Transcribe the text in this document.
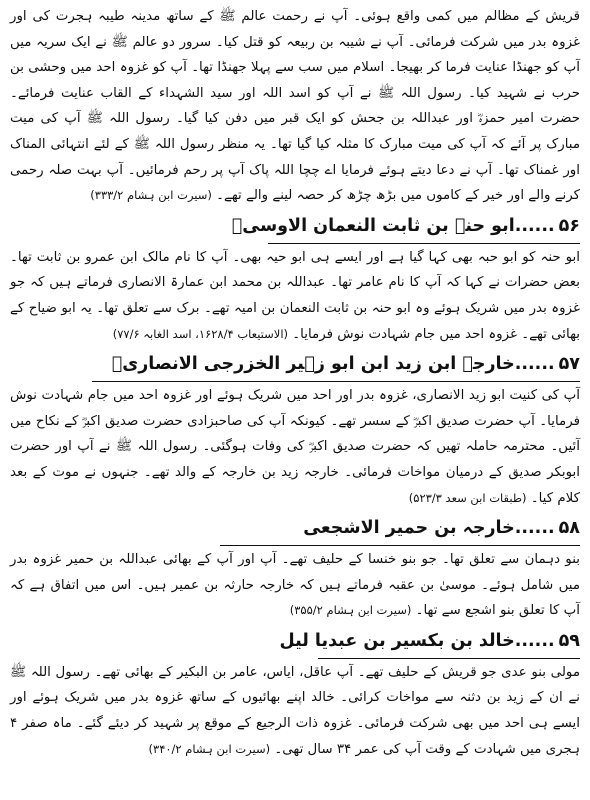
قریش کے مظالم میں کمی واقع ہوئی۔ آپ نے رحمت عالم ﷺ کے ساتھ مدینہ طیبہ ہجرت کی اور غزوہ بدر میں شرکت فرمائی۔ آپ نے شیبہ بن ربیعہ کو قتل کیا۔ سرور دو عالم ﷺ نے ایک سریہ میں آپ کو جھنڈا عنایت فرما کر بھیجا۔ اسلام میں سب سے پہلا جھنڈا تھا۔ آپ کو غزوہ احد میں وحشی بن حرب نے شہید کیا۔ رسول اللہ ﷺ نے آپ کو اسد اللہ اور سید الشہداء کے القاب عنایت فرمائے۔ حضرت امیر حمزہؓ اور عبداللہ بن جحش کو ایک قبر میں دفن کیا گیا۔ رسول اللہ ﷺ آپ کی میت مبارک پر آئے کہ آپ کی میت مبارک کا مثلہ کیا گیا تھا۔ یہ منظر رسول اللہ ﷺ کے لئے انتہائی المناک اور غمناک تھا۔ آپ نے دعا دیتے ہوئے فرمایا اے چچا اللہ پاک آپ پر رحم فرمائیں۔ آپ بہت صلہ رحمی کرنے والے اور خیر کے کاموں میں بڑھ چڑھ کر حصہ لینے والے تھے۔ (سیرت ابن ہشام ۳۳۳/۲)

۵۶......ابو حنۃ بن ثابت النعمان الاوسیؓ

ابو حنہ کو ابو حبہ بھی کہا گیا ہے اور ایسے ہی ابو حیہ بھی۔ آپ کا نام مالک ابن عمرو بن ثابت تھا۔ بعض حضرات نے کہا کہ آپ کا نام عامر تھا۔ عبداللہ بن محمد ابن عمارۃ الانصاری فرماتے ہیں کہ جو غزوہ بدر میں شریک ہوئے وہ ابو حنہ بن ثابت النعمان بن امیہ تھے۔ برک سے تعلق تھا۔ یہ ابو ضیاح کے بھائی تھے۔ غزوہ احد میں جام شہادت نوش فرمایا۔ (الاستیعاب ۱۶۲۸/۴، اسد الغابہ ۷۷/۶)

۵۷......خارجہ ابن زید ابن ابو زہیر الخزرجی الانصاریؓ

آپ کی کنیت ابو زید الانصاری، غزوہ بدر اور احد میں شریک ہوئے اور غزوہ احد میں جام شہادت نوش فرمایا۔ آپ حضرت صدیق اکبرؓ کے سسر تھے۔ کیونکہ آپ کی صاحبزادی حضرت صدیق اکبرؓ کے نکاح میں آئیں۔ محترمہ حاملہ تھیں کہ حضرت صدیق اکبرؓ کی وفات ہوگئی۔ رسول اللہ ﷺ نے آپ اور حضرت ابوبکر صدیق کے درمیان مواخات فرمائی۔ خارجہ زید بن خارجہ کے والد تھے۔ جنہوں نے موت کے بعد کلام کیا۔ (طبقات ابن سعد ۵۲۳/۳)

۵۸......خارجہ بن حمیر الاشجعی

بنو دہمان سے تعلق تھا۔ جو بنو خنسا کے حلیف تھے۔ آپ اور آپ کے بھائی عبداللہ بن حمیر غزوہ بدر میں شامل ہوئے۔ موسیٰ بن عقبہ فرماتے ہیں کہ خارجہ حارثہ بن عمیر ہیں۔ اس میں اتفاق ہے کہ آپ کا تعلق بنو اشجع سے تھا۔ (سیرت ابن ہشام ۳۵۵/۲)

۵۹......خالد بن بکسیر بن عبدیا لیل

مولی بنو عدی جو قریش کے حلیف تھے۔ آپ عاقل، ایاس، عامر بن البکیر کے بھائی تھے۔ رسول اللہ ﷺ نے ان کے زید بن دثنہ سے مواخات کرائی۔ خالد اپنے بھائیوں کے ساتھ غزوہ بدر میں شریک ہوئے اور ایسے ہی احد میں بھی شرکت فرمائی۔ غزوہ ذات الرجیع کے موقع پر شہید کر دیئے گئے۔ ماہ صفر ۴ ہجری میں شہادت کے وقت آپ کی عمر ۳۴ سال تھی۔ (سیرت ابن ہشام ۳۴۰/۲)
